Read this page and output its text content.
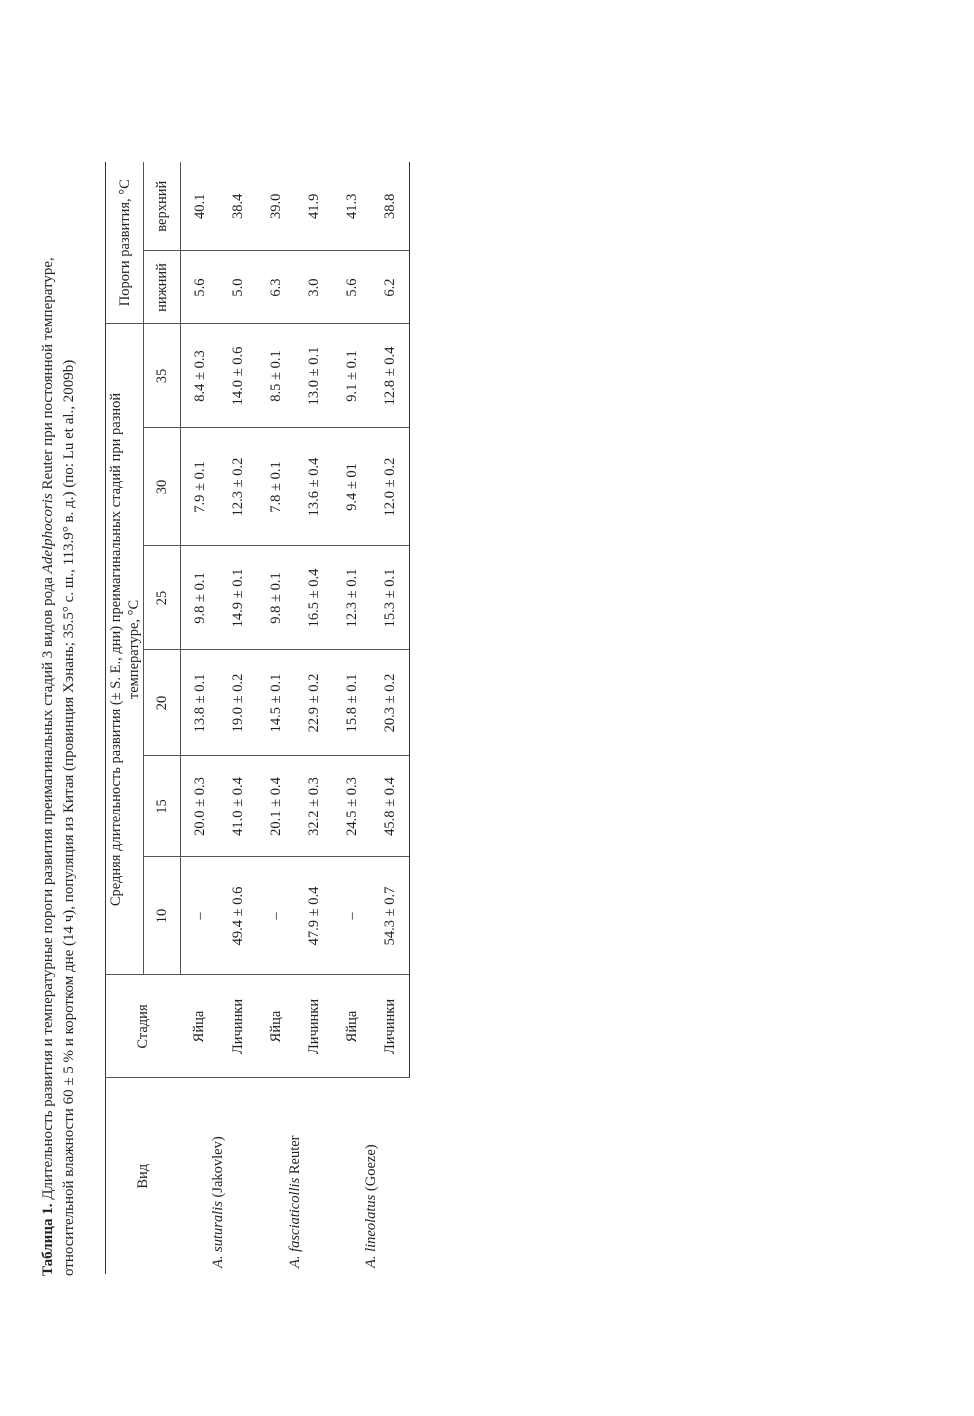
Таблица 1. Длительность развития и температурные пороги развития преимагинальных стадий 3 видов рода Adelphocoris Reuter при постоянной температуре, относительной влажности 60 ± 5 % и коротком дне (14 ч), популяция из Китая (провинция Хэнань; 35.5° с. ш., 113.9° в. д.) (по: Lu et al., 2009b)	Вид	Стадия	Средняя длительность развития (± S. E., дни) преимагинальных стадий при разной температуре, °C						Пороги развития, °C	
		10	15	20	25	30	35	нижний	верхний
A. suturalis (Jakovlev)	Яйца	–	20.0 ± 0.3	13.8 ± 0.1	9.8 ± 0.1	7.9 ± 0.1	8.4 ± 0.3	5.6	40.1
	Личинки	49.4 ± 0.6	41.0 ± 0.4	19.0 ± 0.2	14.9 ± 0.1	12.3 ± 0.2	14.0 ± 0.6	5.0	38.4
A. fasciaticollis Reuter	Яйца	–	20.1 ± 0.4	14.5 ± 0.1	9.8 ± 0.1	7.8 ± 0.1	8.5 ± 0.1	6.3	39.0
	Личинки	47.9 ± 0.4	32.2 ± 0.3	22.9 ± 0.2	16.5 ± 0.4	13.6 ± 0.4	13.0 ± 0.1	3.0	41.9
A. lineolatus (Goeze)	Яйца	–	24.5 ± 0.3	15.8 ± 0.1	12.3 ± 0.1	9.4 ± 01	9.1 ± 0.1	5.6	41.3
	Личинки	54.3 ± 0.7	45.8 ± 0.4	20.3 ± 0.2	15.3 ± 0.1	12.0 ± 0.2	12.8 ± 0.4	6.2	38.8
